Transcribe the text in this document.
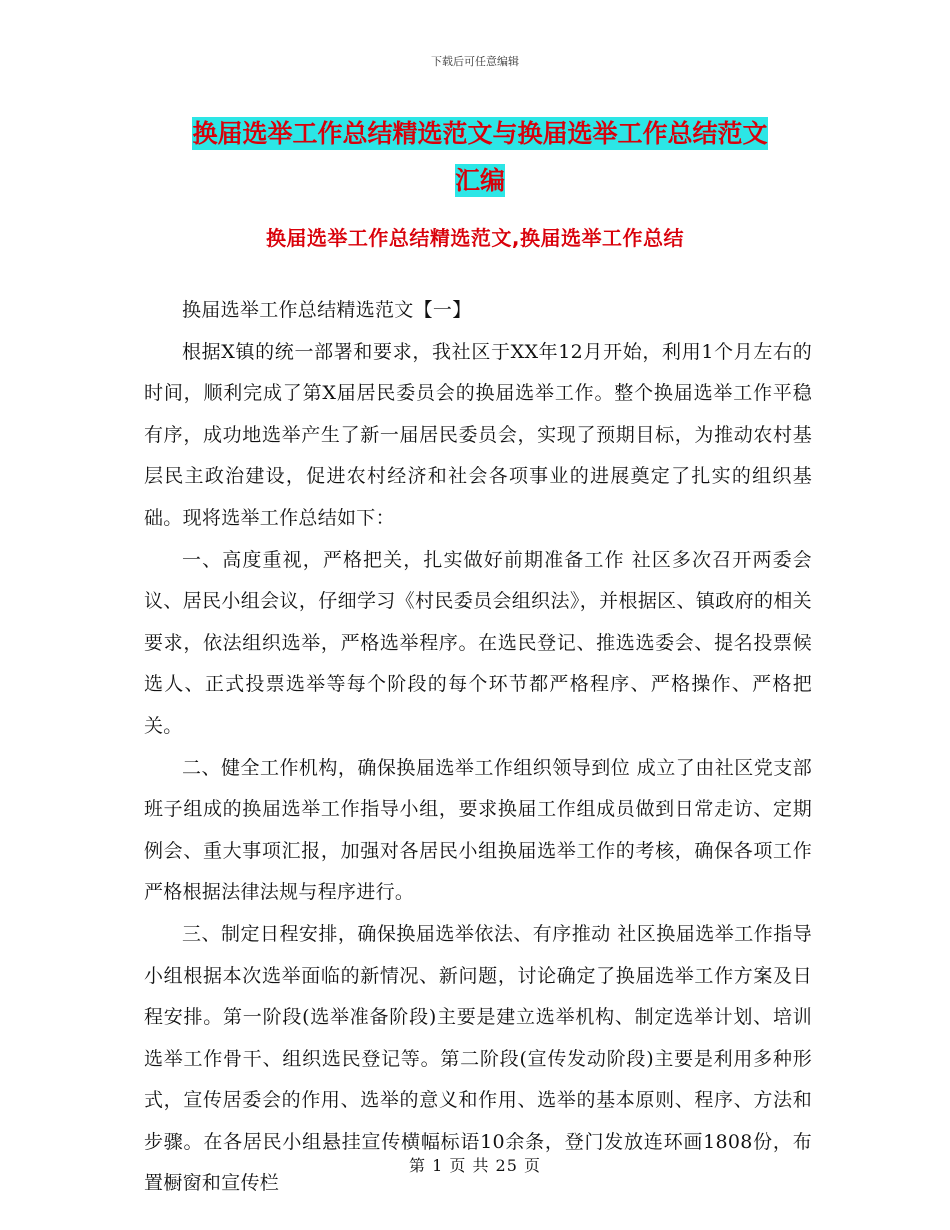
下载后可任意编辑
换届选举工作总结精选范文与换届选举工作总结范文
汇编
换届选举工作总结精选范文,换届选举工作总结

换届选举工作总结精选范文【一】

根据X镇的统一部署和要求，我社区于XX年12月开始，利用1个月左右的时间，顺利完成了第X届居民委员会的换届选举工作。整个换届选举工作平稳有序，成功地选举产生了新一届居民委员会，实现了预期目标，为推动农村基层民主政治建设，促进农村经济和社会各项事业的进展奠定了扎实的组织基础。现将选举工作总结如下：

一、高度重视，严格把关，扎实做好前期准备工作 社区多次召开两委会议、居民小组会议，仔细学习《村民委员会组织法》，并根据区、镇政府的相关要求，依法组织选举，严格选举程序。在选民登记、推选选委会、提名投票候选人、正式投票选举等每个阶段的每个环节都严格程序、严格操作、严格把关。

二、健全工作机构，确保换届选举工作组织领导到位 成立了由社区党支部班子组成的换届选举工作指导小组，要求换届工作组成员做到日常走访、定期例会、重大事项汇报，加强对各居民小组换届选举工作的考核，确保各项工作严格根据法律法规与程序进行。

三、制定日程安排，确保换届选举依法、有序推动 社区换届选举工作指导小组根据本次选举面临的新情况、新问题，讨论确定了换届选举工作方案及日程安排。第一阶段(选举准备阶段)主要是建立选举机构、制定选举计划、培训选举工作骨干、组织选民登记等。第二阶段(宣传发动阶段)主要是利用多种形式，宣传居委会的作用、选举的意义和作用、选举的基本原则、程序、方法和步骤。在各居民小组悬挂宣传横幅标语10余条，登门发放连环画1808份，布置橱窗和宣传栏

第 1 页 共 25 页
